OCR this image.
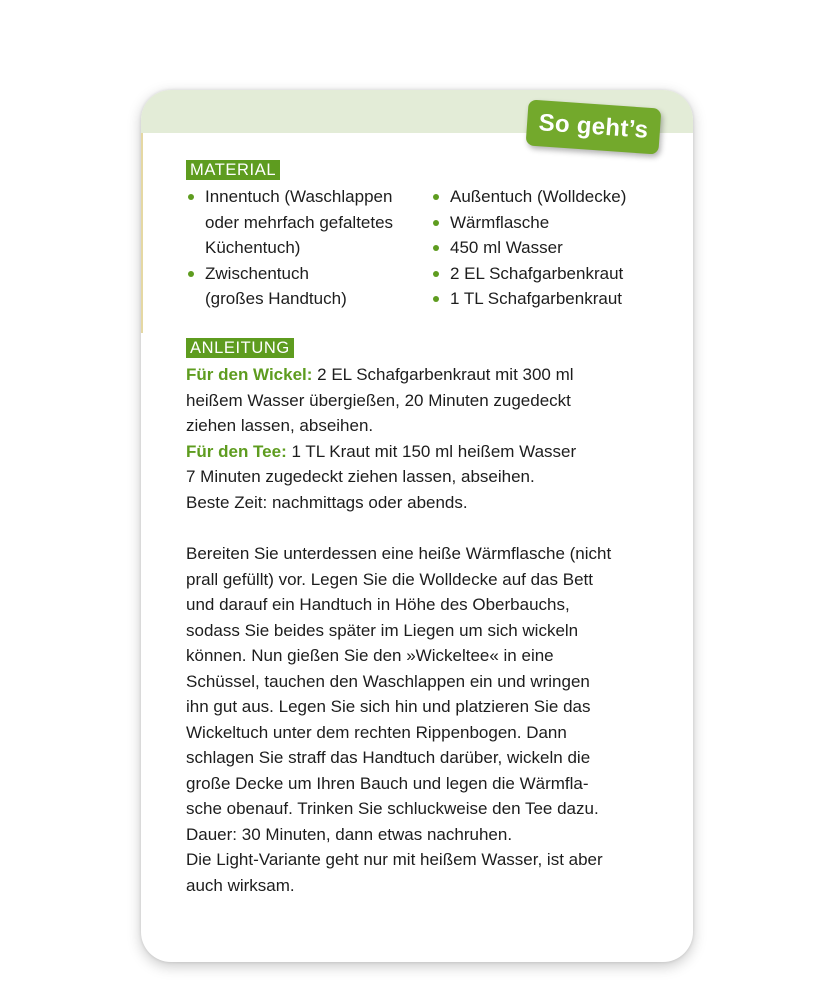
So geht’s
MATERIAL
Innentuch (Waschlappen
oder mehrfach gefaltetes
Küchentuch)
Zwischentuch
(großes Handtuch)
Außentuch (Wolldecke)
Wärmflasche
450 ml Wasser
2 EL Schafgarbenkraut
1 TL Schafgarbenkraut
ANLEITUNG

Für den Wickel: 2 EL Schafgarbenkraut mit 300 ml
heißem Wasser übergießen, 20 Minuten zugedeckt
ziehen lassen, abseihen.

Für den Tee: 1 TL Kraut mit 150 ml heißem Wasser
7 Minuten zugedeckt ziehen lassen, abseihen.
Beste Zeit: nachmittags oder abends.

Bereiten Sie unterdessen eine heiße Wärmflasche (nicht
prall gefüllt) vor. Legen Sie die Wolldecke auf das Bett
und darauf ein Handtuch in Höhe des Oberbauchs,
sodass Sie beides später im Liegen um sich wickeln
können. Nun gießen Sie den »Wickeltee« in eine
Schüssel, tauchen den Waschlappen ein und wringen
ihn gut aus. Legen Sie sich hin und platzieren Sie das
Wickeltuch unter dem rechten Rippenbogen. Dann
schlagen Sie straff das Handtuch darüber, wickeln die
große Decke um Ihren Bauch und legen die Wärmfla-
sche obenauf. Trinken Sie schluckweise den Tee dazu.
Dauer: 30 Minuten, dann etwas nachruhen.
Die Light-Variante geht nur mit heißem Wasser, ist aber
auch wirksam.
